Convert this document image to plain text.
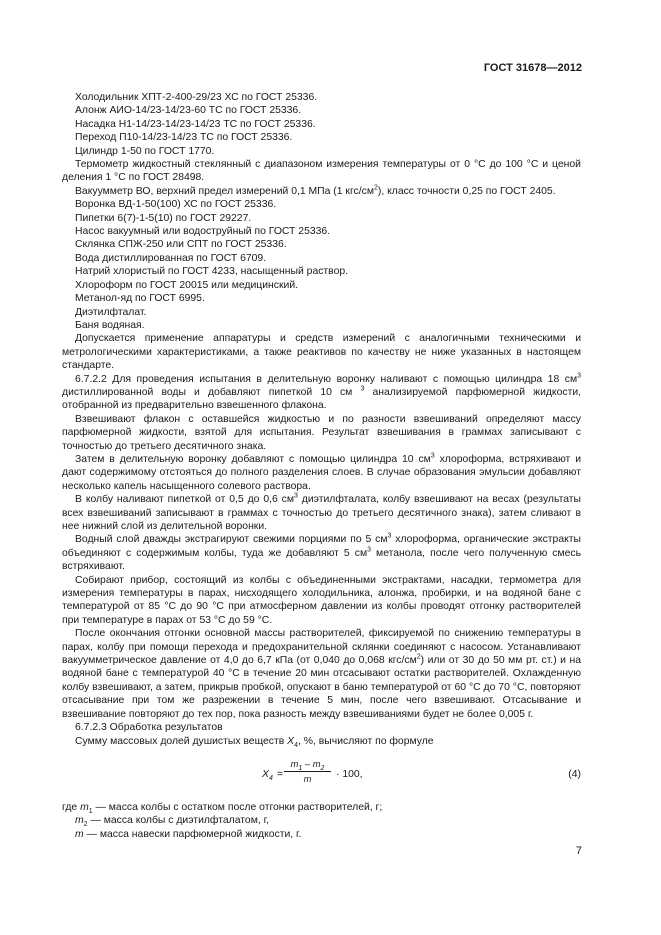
ГОСТ 31678—2012

Холодильник ХПТ-2-400-29/23 ХС по ГОСТ 25336.

Алонж АИО-14/23-14/23-60 ТС по ГОСТ 25336.

Насадка Н1-14/23-14/23-14/23 ТС по ГОСТ 25336.

Переход П10-14/23-14/23 ТС по ГОСТ 25336.

Цилиндр 1-50 по ГОСТ 1770.

Термометр жидкостный стеклянный с диапазоном измерения температуры от 0 °С до 100 °С и ценой деления 1 °С по ГОСТ 28498.

Вакуумметр ВО, верхний предел измерений 0,1 МПа (1 кгс/$см^2$), класс точности 0,25 по ГОСТ 2405.

Воронка ВД-1-50(100) ХС по ГОСТ 25336.

Пипетки 6(7)-1-5(10) по ГОСТ 29227.

Насос вакуумный или водоструйный по ГОСТ 25336.

Склянка СПЖ-250 или СПТ по ГОСТ 25336.

Вода дистиллированная по ГОСТ 6709.

Натрий хлористый по ГОСТ 4233, насыщенный раствор.

Хлороформ по ГОСТ 20015 или медицинский.

Метанол-яд по ГОСТ 6995.

Диэтилфталат.

Баня водяная.

Допускается применение аппаратуры и средств измерений с аналогичными техническими и метрологическими характеристиками, а также реактивов по качеству не ниже указанных в настоящем стандарте.

6.7.2.2 Для проведения испытания в делительную воронку наливают с помощью цилиндра 18 $см^3$ дистиллированной воды и добавляют пипеткой 10 см $^3$ анализируемой парфюмерной жидкости, отобранной из предварительно взвешенного флакона.

Взвешивают флакон с оставшейся жидкостью и по разности взвешиваний определяют массу парфюмерной жидкости, взятой для испытания. Результат взвешивания в граммах записывают с точностью до третьего десятичного знака.

Затем в делительную воронку добавляют с помощью цилиндра 10 $см^3$ хлороформа, встряхивают и дают содержимому отстояться до полного разделения слоев. В случае образования эмульсии добавляют несколько капель насыщенного солевого раствора.

В колбу наливают пипеткой от 0,5 до 0,6 $см^3$ диэтилфталата, колбу взвешивают на весах (результаты всех взвешиваний записывают в граммах с точностью до третьего десятичного знака), затем сливают в нее нижний слой из делительной воронки.

Водный слой дважды экстрагируют свежими порциями по 5 $см^3$ хлороформа, органические экстракты объединяют с содержимым колбы, туда же добавляют 5 $см^3$ метанола, после чего полученную смесь встряхивают.

Собирают прибор, состоящий из колбы с объединенными экстрактами, насадки, термометра для измерения температуры в парах, нисходящего холодильника, алонжа, пробирки, и на водяной бане с температурой от 85 °С до 90 °С при атмосферном давлении из колбы проводят отгонку растворителей при температуре в парах от 53 °С до 59 °С.

После окончания отгонки основной массы растворителей, фиксируемой по снижению температуры в парах, колбу при помощи перехода и предохранительной склянки соединяют с насосом. Устанавливают вакуумметрическое давление от 4,0 до 6,7 кПа (от 0,040 до 0,068 кгс/$см^2$) или от 30 до 50 мм рт. ст.) и на водяной бане с температурой 40 °С в течение 20 мин отсасывают остатки растворителей. Охлажденную колбу взвешивают, а затем, прикрыв пробкой, опускают в баню температурой от 60 °С до 70 °С, повторяют отсасывание при том же разрежении в течение 5 мин, после чего взвешивают. Отсасывание и взвешивание повторяют до тех пор, пока разность между взвешиваниями будет не более 0,005 г.

6.7.2.3 Обработка результатов

Сумму массовых долей душистых веществ $X_4$, %, вычисляют по формуле

$X_4 = \frac{m_1 - m_2}{m} \cdot 100$,	(4)

где $m_1$ — масса колбы с остатком после отгонки растворителей, г;

$m_2$ — масса колбы с диэтилфталатом, г,

m — масса навески парфюмерной жидкости, г.

7
